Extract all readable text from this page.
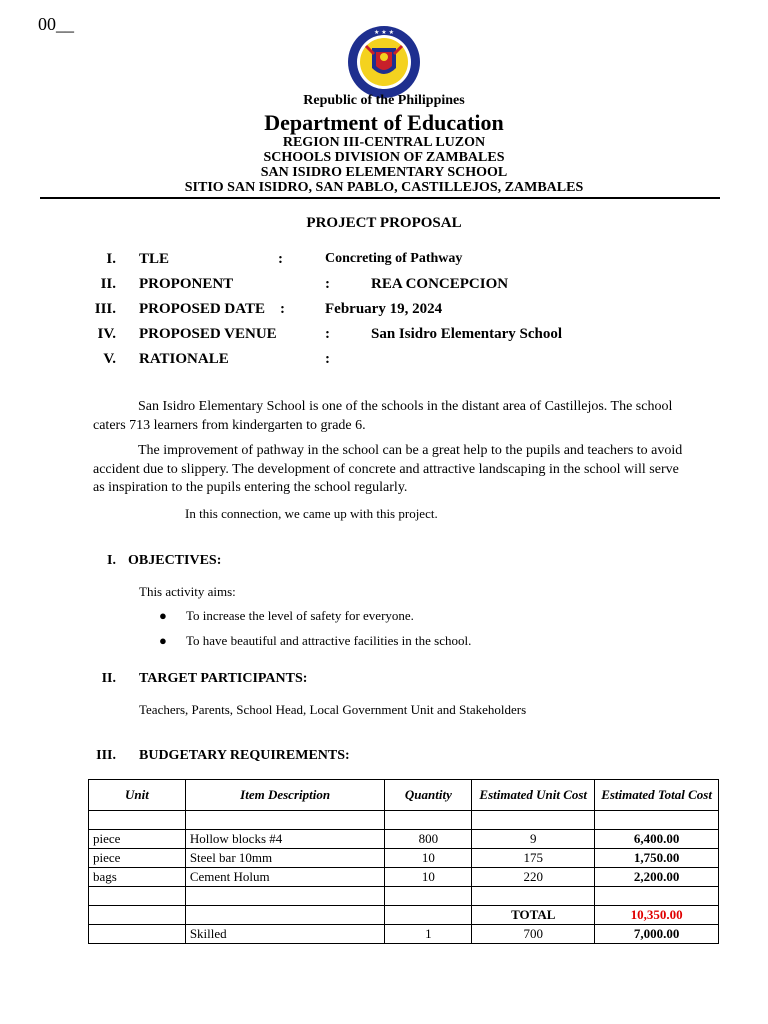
00__	★ ★ ★
Republic of the Philippines
Department of Education
REGION III-CENTRAL LUZON
SCHOOLS DIVISION OF ZAMBALES
SAN ISIDRO ELEMENTARY SCHOOL
SITIO SAN ISIDRO, SAN PABLO, CASTILLEJOS, ZAMBALES
PROJECT PROPOSAL
I. TLE	:	Concreting of Pathway
II. PROPONENT	:	REA CONCEPCION
III. PROPOSED DATE :	February 19, 2024
IV. PROPOSED VENUE	:	San Isidro Elementary School
V. RATIONALE	:

San Isidro Elementary School is one of the schools in the distant area of Castillejos. The school caters 713 learners from kindergarten to grade 6.

The improvement of pathway in the school can be a great help to the pupils and teachers to avoid accident due to slippery. The development of concrete and attractive landscaping in the school will serve as inspiration to the pupils entering the school regularly.

In this connection, we came up with this project.

I. OBJECTIVES:
This activity aims:
● To increase the level of safety for everyone.
● To have beautiful and attractive facilities in the school.
II. TARGET PARTICIPANTS:
Teachers, Parents, School Head, Local Government Unit and Stakeholders
III. BUDGETARY REQUIREMENTS:
Unit	Item Description	Quantity	Estimated Unit Cost	Estimated Total Cost

piece	Hollow blocks #4	800	9	6,400.00
piece	Steel bar 10mm	10	175	1,750.00
bags	Cement Holum	10	220	2,200.00

			TOTAL	10,350.00
	Skilled	1	700	7,000.00
